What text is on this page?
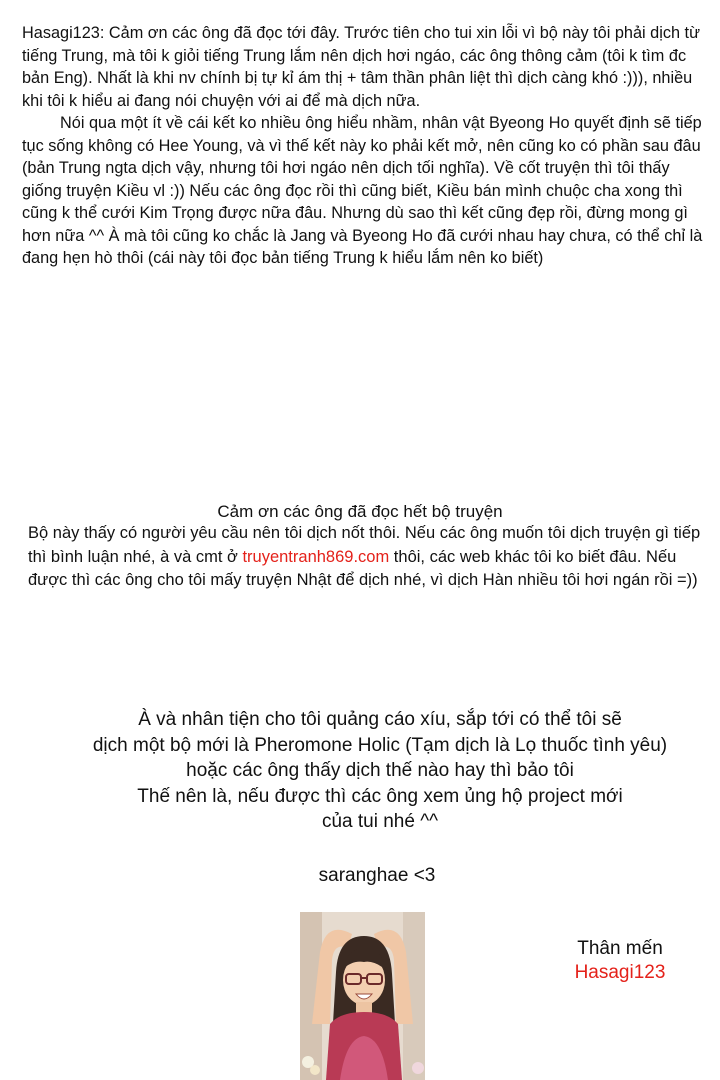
Hasagi123: Cảm ơn các ông đã đọc tới đây. Trước tiên cho tui xin lỗi vì bộ này tôi phải dịch từ tiếng Trung, mà tôi k giỏi tiếng Trung lắm nên dịch hơi ngáo, các ông thông cảm (tôi k tìm đc bản Eng). Nhất là khi nv chính bị tự kỉ ám thị + tâm thần phân liệt thì dịch càng khó :))), nhiều khi tôi k hiểu ai đang nói chuyện với ai để mà dịch nữa.

Nói qua một ít về cái kết ko nhiều ông hiểu nhầm, nhân vật Byeong Ho quyết định sẽ tiếp tục sống không có Hee Young, và vì thế kết này ko phải kết mở, nên cũng ko có phần sau đâu (bản Trung ngta dịch vậy, nhưng tôi hơi ngáo nên dịch tối nghĩa). Về cốt truyện thì tôi thấy giống truyện Kiều vl :)) Nếu các ông đọc rồi thì cũng biết, Kiều bán mình chuộc cha xong thì cũng k thể cưới Kim Trọng được nữa đâu. Nhưng dù sao thì kết cũng đẹp rồi, đừng mong gì hơn nữa ^^ À mà tôi cũng ko chắc là Jang và Byeong Ho đã cưới nhau hay chưa, có thể chỉ là đang hẹn hò thôi (cái này tôi đọc bản tiếng Trung k hiểu lắm nên ko biết)

Cảm ơn các ông đã đọc hết bộ truyện
Bộ này thấy có người yêu cầu nên tôi dịch nốt thôi. Nếu các ông muốn tôi dịch truyện gì tiếp thì bình luận nhé, à và cmt ở truyentranh869.com thôi, các web khác tôi ko biết đâu. Nếu được thì các ông cho tôi mấy truyện Nhật để dịch nhé, vì dịch Hàn nhiều tôi hơi ngán rồi =))
À và nhân tiện cho tôi quảng cáo xíu, sắp tới có thể tôi sẽ
dịch một bộ mới là Pheromone Holic (Tạm dịch là Lọ thuốc tình yêu)
hoặc các ông thấy dịch thế nào hay thì bảo tôi
Thế nên là, nếu được thì các ông xem ủng hộ project mới
của tui nhé ^^
saranghae <3
Thân mến
Hasagi123
